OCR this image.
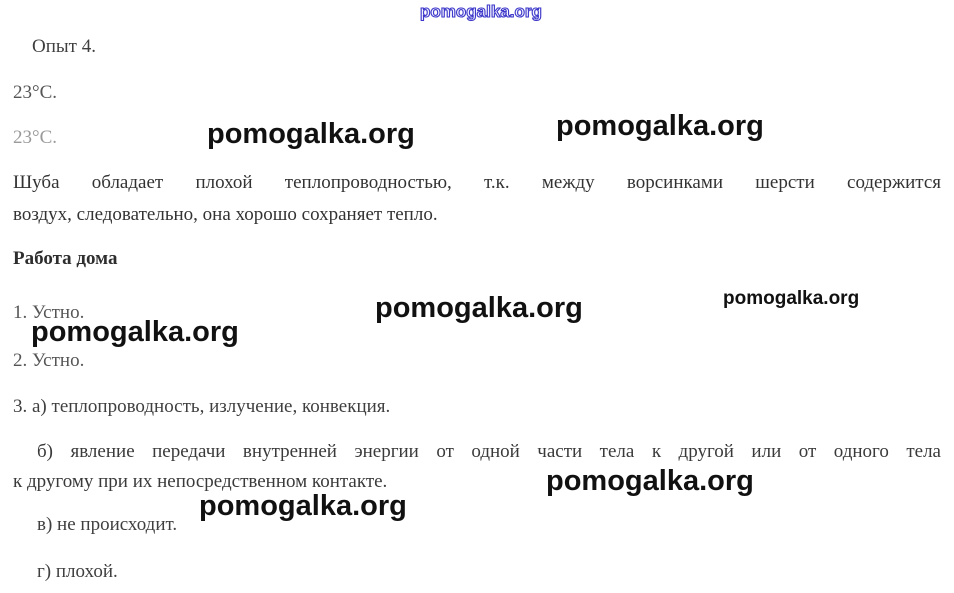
pomogalka.org
pomogalka.org	pomogalka.org
pomogalka.org	pomogalka.org
pomogalka.org
pomogalka.org
pomogalka.org
Опыт 4.
23°С.
23°С.
Шуба обладает плохой теплопроводностью, т.к. между ворсинками шерсти содержится
воздух, следовательно, она хорошо сохраняет тепло.
Работа дома
1. Устно.
2. Устно.
3. а) теплопроводность, излучение, конвекция.
б) явление передачи внутренней энергии от одной части тела к другой или от одного тела
к другому при их непосредственном контакте.
в) не происходит.
г) плохой.
